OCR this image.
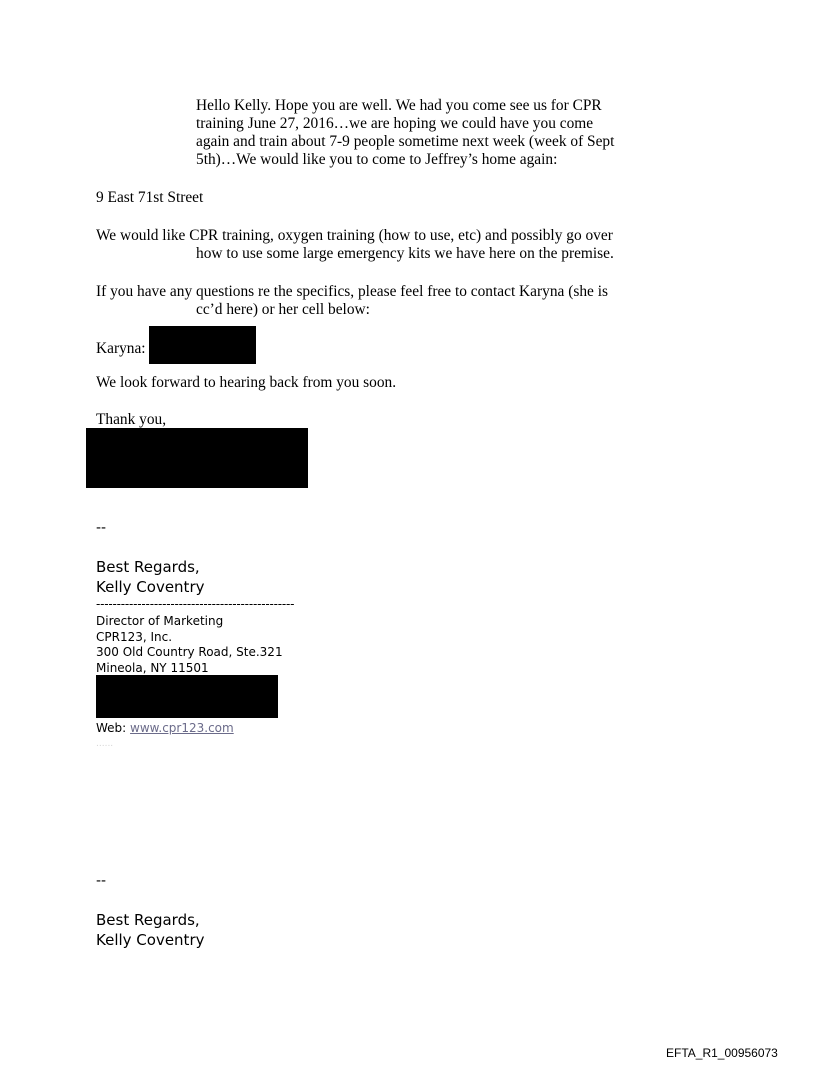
Hello Kelly. Hope you are well. We had you come see us for CPR
training June 27, 2016…we are hoping we could have you come
again and train about 7-9 people sometime next week (week of Sept
5th)…We would like you to come to Jeffrey’s home again:
9 East 71st Street
We would like CPR training, oxygen training (how to use, etc) and possibly go over
how to use some large emergency kits we have here on the premise.
If you have any questions re the specifics, please feel free to contact Karyna (she is
cc’d here) or her cell below:
Karyna:
We look forward to hearing back from you soon.
Thank you,
--
Best Regards,
Kelly Coventry
------------------------------------------------
Director of Marketing
CPR123, Inc.
300 Old Country Road, Ste.321
Mineola, NY 11501
Web: www.cpr123.com
......
--
Best Regards,
Kelly Coventry
EFTA_R1_00956073
